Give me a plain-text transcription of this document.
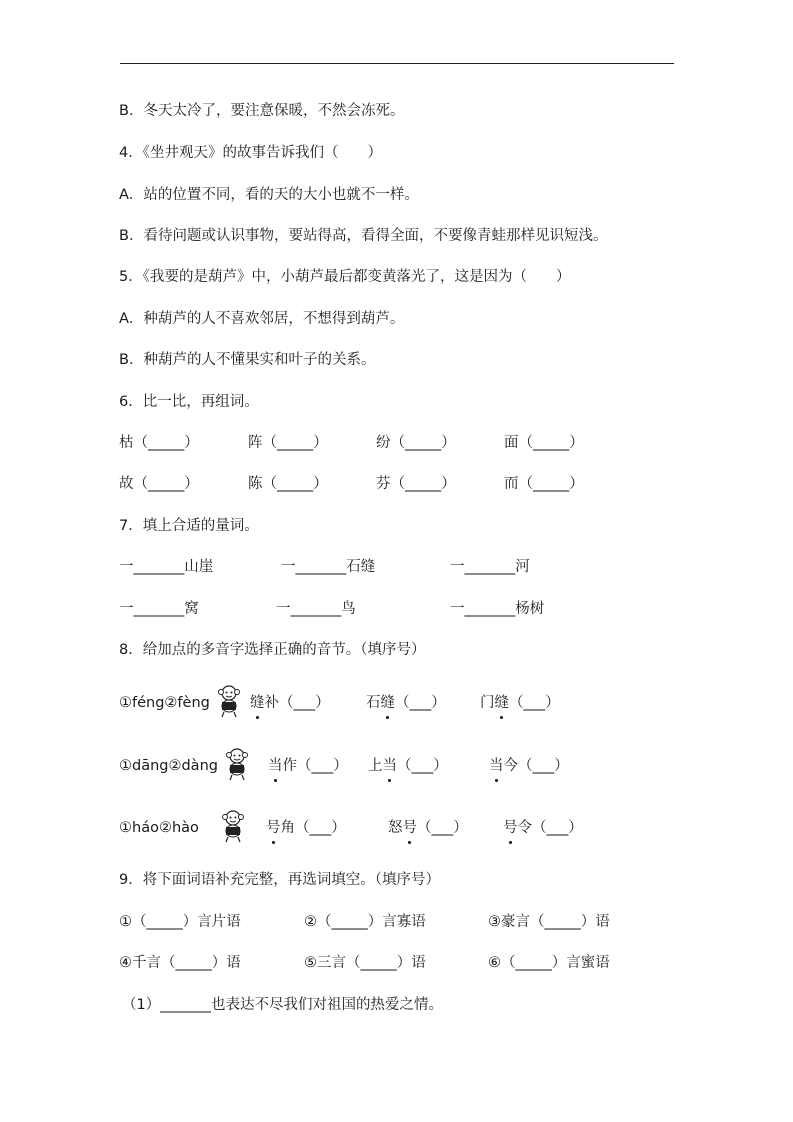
B．冬天太冷了，要注意保暖，不然会冻死。
4．《坐井观天》的故事告诉我们（　　）
A．站的位置不同，看的天的大小也就不一样。
B．看待问题或认识事物，要站得高，看得全面，不要像青蛙那样见识短浅。
5．《我要的是葫芦》中，小葫芦最后都变黄落光了，这是因为（　　）
A．种葫芦的人不喜欢邻居，不想得到葫芦。
B．种葫芦的人不懂果实和叶子的关系。
6．比一比，再组词。
枯（_____）	阵（_____）	纷（_____）	面（_____）
故（_____）	陈（_____）	芬（_____）	而（_____）
7．填上合适的量词。
一_______山崖	一_______石缝	一_______河
一_______窝	一_______鸟	一_______杨树
8．给加点的多音字选择正确的音节。（填序号）
①féng②fèng	缝补（___）	石缝（___） 门缝（___）
①dāng②dàng	当作（___） 上当（___）	当今（___）
①háo②hào	号角（___）	怒号（___） 号令（___）
9．将下面词语补充完整，再选词填空。（填序号）
①（_____）言片语	②（_____）言寡语	③豪言（_____）语
④千言（_____）语	⑤三言（_____）语	⑥（_____）言蜜语
（1）_______也表达不尽我们对祖国的热爱之情。
